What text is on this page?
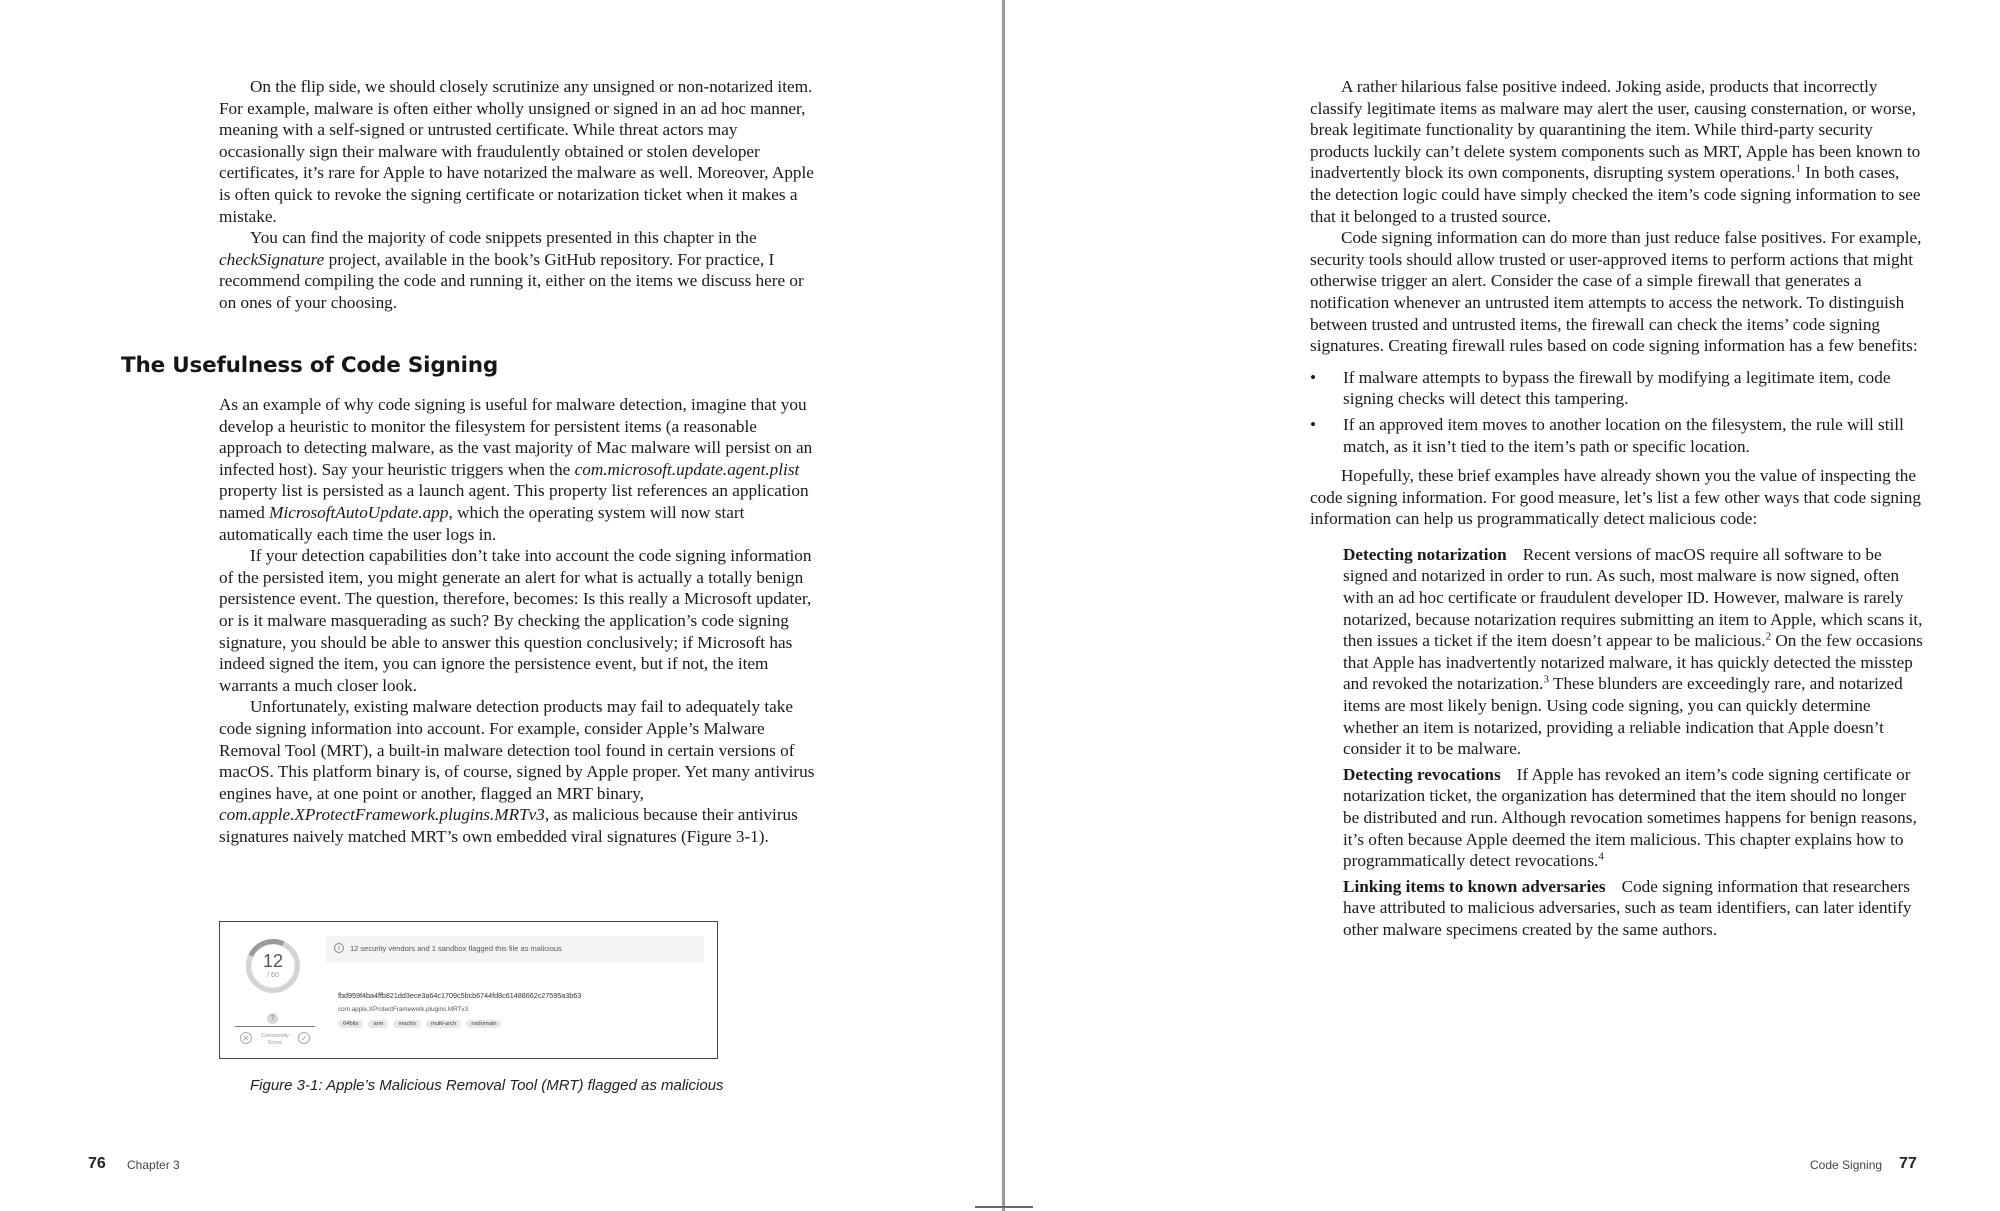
On the flip side, we should closely scrutinize any unsigned or non-notarized item. For example, malware is often either wholly unsigned or signed in an ad hoc manner, meaning with a self-signed or untrusted certificate. While threat actors may occasionally sign their malware with fraudulently obtained or stolen developer certificates, it’s rare for Apple to have notarized the malware as well. Moreover, Apple is often quick to revoke the signing certificate or notarization ticket when it makes a mistake.

You can find the majority of code snippets presented in this chapter in the checkSignature project, available in the book’s GitHub repository. For practice, I recommend compiling the code and running it, either on the items we discuss here or on ones of your choosing.

The Usefulness of Code Signing

As an example of why code signing is useful for malware detection, imagine that you develop a heuristic to monitor the filesystem for persistent items (a reasonable approach to detecting malware, as the vast majority of Mac malware will persist on an infected host). Say your heuristic triggers when the com.microsoft.update.agent.plist property list is persisted as a launch agent. This property list references an application named MicrosoftAutoUpdate.app, which the operating system will now start automatically each time the user logs in.

If your detection capabilities don’t take into account the code signing information of the persisted item, you might generate an alert for what is actually a totally benign persistence event. The question, therefore, becomes: Is this really a Microsoft updater, or is it malware masquerading as such? By checking the application’s code signing signature, you should be able to answer this question conclusively; if Microsoft has indeed signed the item, you can ignore the persistence event, but if not, the item warrants a much closer look.

Unfortunately, existing malware detection products may fail to adequately take code signing information into account. For example, consider Apple’s Malware Removal Tool (MRT), a built-in malware detection tool found in certain versions of macOS. This platform binary is, of course, signed by Apple proper. Yet many antivirus engines have, at one point or another, flagged an MRT binary, com.apple.XProtectFramework.plugins.MRTv3, as malicious because their antivirus signatures naively matched MRT’s own embedded viral signatures (Figure 3-1).

12
/ 60
?
✕	Community Score	✓
i	12 security vendors and 1 sandbox flagged this file as malicious
fbd959f4ba4ffb821dd3ece3a64c1709c5bcb6744fd8c61488662c27595a3b63
com.apple.XProtectFramework.plugins.MRTv3
64bits	arm	macho	multi-arch	nxdomain

Figure 3-1: Apple’s Malicious Removal Tool (MRT) flagged as malicious

76 Chapter 3

A rather hilarious false positive indeed. Joking aside, products that incorrectly classify legitimate items as malware may alert the user, causing consternation, or worse, break legitimate functionality by quarantining the item. While third-party security products luckily can’t delete system components such as MRT, Apple has been known to inadvertently block its own components, disrupting system operations.$^1$ In both cases, the detection logic could have simply checked the item’s code signing information to see that it belonged to a trusted source.

Code signing information can do more than just reduce false positives. For example, security tools should allow trusted or user-approved items to perform actions that might otherwise trigger an alert. Consider the case of a simple firewall that generates a notification whenever an untrusted item attempts to access the network. To distinguish between trusted and untrusted items, the firewall can check the items’ code signing signatures. Creating firewall rules based on code signing information has a few benefits:

• If malware attempts to bypass the firewall by modifying a legitimate item, code signing checks will detect this tampering.
• If an approved item moves to another location on the filesystem, the rule will still match, as it isn’t tied to the item’s path or specific location.

Hopefully, these brief examples have already shown you the value of inspecting the code signing information. For good measure, let’s list a few other ways that code signing information can help us programmatically detect malicious code:

Detecting notarization Recent versions of macOS require all software to be signed and notarized in order to run. As such, most malware is now signed, often with an ad hoc certificate or fraudulent developer ID. However, malware is rarely notarized, because notarization requires submitting an item to Apple, which scans it, then issues a ticket if the item doesn’t appear to be malicious.$^2$ On the few occasions that Apple has inadvertently notarized malware, it has quickly detected the misstep and revoked the notarization.$^3$ These blunders are exceedingly rare, and notarized items are most likely benign. Using code signing, you can quickly determine whether an item is notarized, providing a reliable indication that Apple doesn’t consider it to be malware.

Detecting revocations If Apple has revoked an item’s code signing certificate or notarization ticket, the organization has determined that the item should no longer be distributed and run. Although revocation sometimes happens for benign reasons, it’s often because Apple deemed the item malicious. This chapter explains how to programmatically detect revocations.$^4$

Linking items to known adversaries Code signing information that researchers have attributed to malicious adversaries, such as team identifiers, can later identify other malware specimens created by the same authors.

Code Signing 77
